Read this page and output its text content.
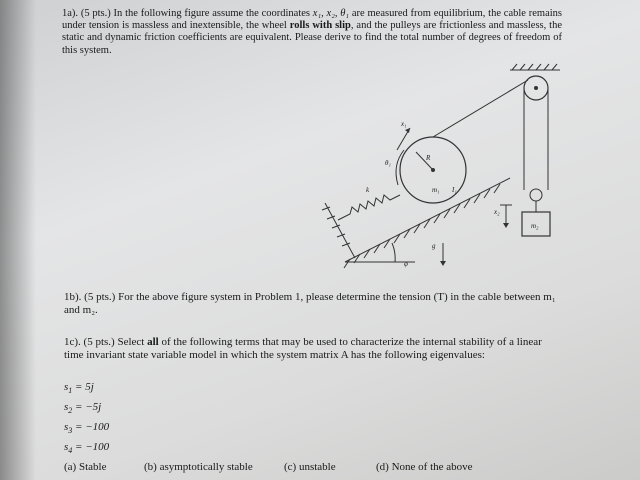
1a). (5 pts.) In the following figure assume the coordinates x₁, x₂, θ₁ are measured from equilibrium, the cable remains under tension is massless and inextensible, the wheel rolls with slip, and the pulleys are frictionless and massless, the static and dynamic friction coefficients are equivalent. Please derive to find the total number of degrees of freedom of this system.
φ
k
R
m₁ I₁
θ₁
x₁
m₂
x₂
g
1b). (5 pts.) For the above figure system in Problem 1, please determine the tension (T) in the cable between m₁ and m₂.
1c). (5 pts.) Select all of the following terms that may be used to characterize the internal stability of a linear time invariant state variable model in which the system matrix A has the following eigenvalues:
$s_1 = 5j$
$s_2 = -5j$
$s_3 = -100$
$s_4 = -100$
(a) Stable	(b) asymptotically stable	(c) unstable	(d) None of the above
